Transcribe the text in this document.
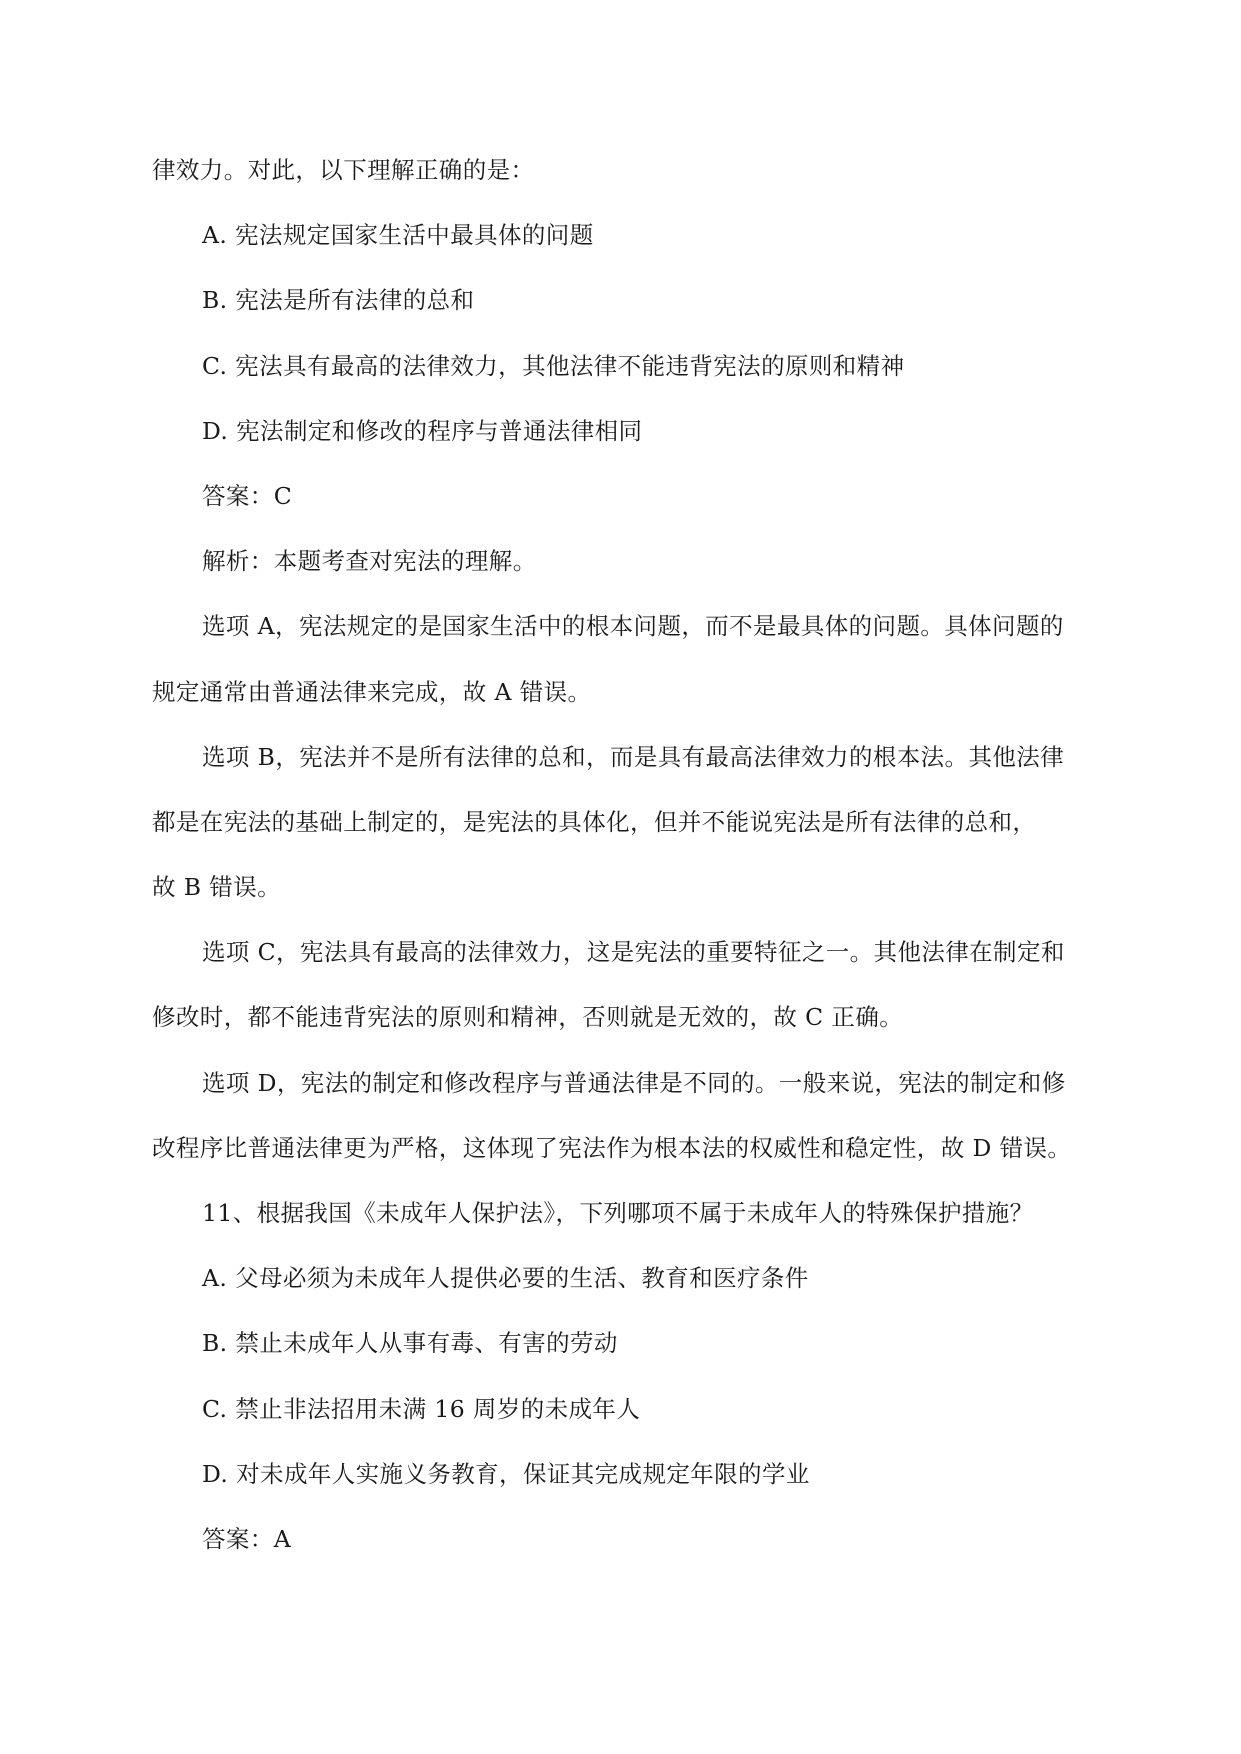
律效力。对此，以下理解正确的是：
A. 宪法规定国家生活中最具体的问题
B. 宪法是所有法律的总和
C. 宪法具有最高的法律效力，其他法律不能违背宪法的原则和精神
D. 宪法制定和修改的程序与普通法律相同
答案：C
解析：本题考查对宪法的理解。
选项 A，宪法规定的是国家生活中的根本问题，而不是最具体的问题。具体问题的
规定通常由普通法律来完成，故 A 错误。
选项 B，宪法并不是所有法律的总和，而是具有最高法律效力的根本法。其他法律
都是在宪法的基础上制定的，是宪法的具体化，但并不能说宪法是所有法律的总和，
故 B 错误。
选项 C，宪法具有最高的法律效力，这是宪法的重要特征之一。其他法律在制定和
修改时，都不能违背宪法的原则和精神，否则就是无效的，故 C 正确。
选项 D，宪法的制定和修改程序与普通法律是不同的。一般来说，宪法的制定和修
改程序比普通法律更为严格，这体现了宪法作为根本法的权威性和稳定性，故 D 错误。
11、根据我国《未成年人保护法》，下列哪项不属于未成年人的特殊保护措施？
A. 父母必须为未成年人提供必要的生活、教育和医疗条件
B. 禁止未成年人从事有毒、有害的劳动
C. 禁止非法招用未满 16 周岁的未成年人
D. 对未成年人实施义务教育，保证其完成规定年限的学业
答案：A
